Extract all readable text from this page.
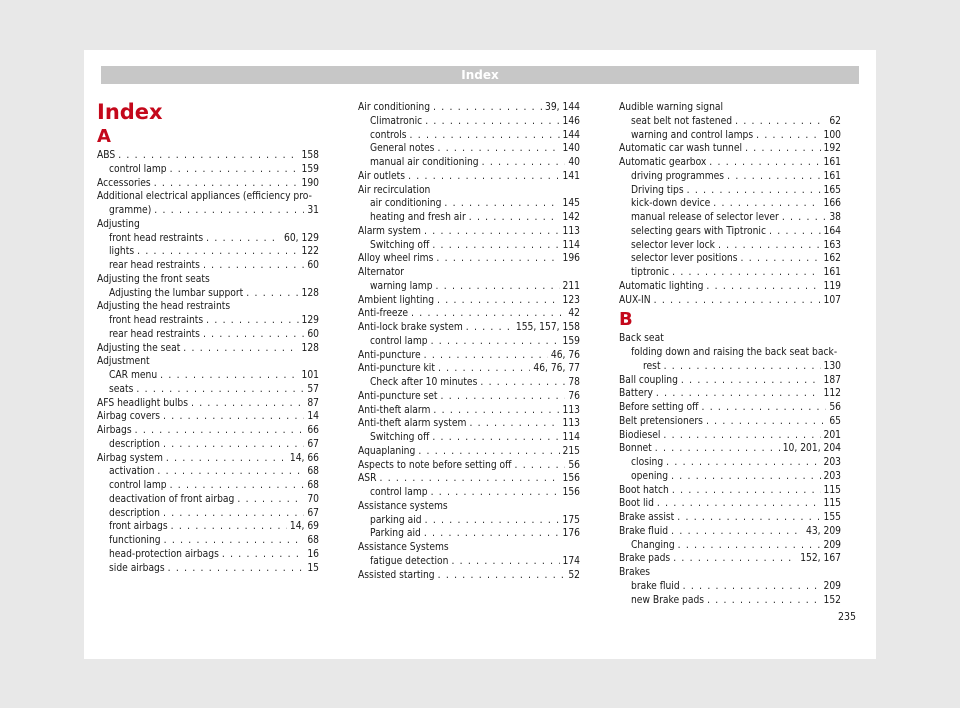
Index
Index
A
ABS . . .	158
control lamp . . .	159
Accessories . . .	190
Additional electrical appliances (efficiency pro-
gramme) . . .	31
Adjusting
front head restraints . . .	60, 129
lights . . .	122
rear head restraints . . .	60
Adjusting the front seats
Adjusting the lumbar support . . .	128
Adjusting the head restraints
front head restraints . . .	129
rear head restraints . . .	60
Adjusting the seat . . .	128
Adjustment
CAR menu . . .	101
seats . . .	57
AFS headlight bulbs . . .	87
Airbag covers . . .	14
Airbags . . .	66
description . . .	67
Airbag system . . .	14, 66
activation . . .	68
control lamp . . .	68
deactivation of front airbag . . .	70
description . . .	67
front airbags . . .	14, 69
functioning . . .	68
head-protection airbags . . .	16
side airbags . . .	15
Air conditioning . . .	39, 144
Climatronic . . .	146
controls . . .	144
General notes . . .	140
manual air conditioning . . .	40
Air outlets . . .	141
Air recirculation
air conditioning . . .	145
heating and fresh air . . .	142
Alarm system . . .	113
Switching off . . .	114
Alloy wheel rims . . .	196
Alternator
warning lamp . . .	211
Ambient lighting . . .	123
Anti-freeze . . .	42
Anti-lock brake system . . .	155, 157, 158
control lamp . . .	159
Anti-puncture . . .	46, 76
Anti-puncture kit . . .	46, 76, 77
Check after 10 minutes . . .	78
Anti-puncture set . . .	76
Anti-theft alarm . . .	113
Anti-theft alarm system . . .	113
Switching off . . .	114
Aquaplaning . . .	215
Aspects to note before setting off . . .	56
ASR . . .	156
control lamp . . .	156
Assistance systems
parking aid . . .	175
Parking aid . . .	176
Assistance Systems
fatigue detection . . .	174
Assisted starting . . .	52
Audible warning signal
seat belt not fastened . . .	62
warning and control lamps . . .	100
Automatic car wash tunnel . . .	192
Automatic gearbox . . .	161
driving programmes . . .	161
Driving tips . . .	165
kick-down device . . .	166
manual release of selector lever . . .	38
selecting gears with Tiptronic . . .	164
selector lever lock . . .	163
selector lever positions . . .	162
tiptronic . . .	161
Automatic lighting . . .	119
AUX-IN . . .	107
B
Back seat
folding down and raising the back seat back-
rest . . .	130
Ball coupling . . .	187
Battery . . .	112
Before setting off . . .	56
Belt pretensioners . . .	65
Biodiesel . . .	201
Bonnet . . .	10, 201, 204
closing . . .	203
opening . . .	203
Boot hatch . . .	115
Boot lid . . .	115
Brake assist . . .	155
Brake fluid . . .	43, 209
Changing . . .	209
Brake pads . . .	152, 167
Brakes
brake fluid . . .	209
new Brake pads . . .	152
235
